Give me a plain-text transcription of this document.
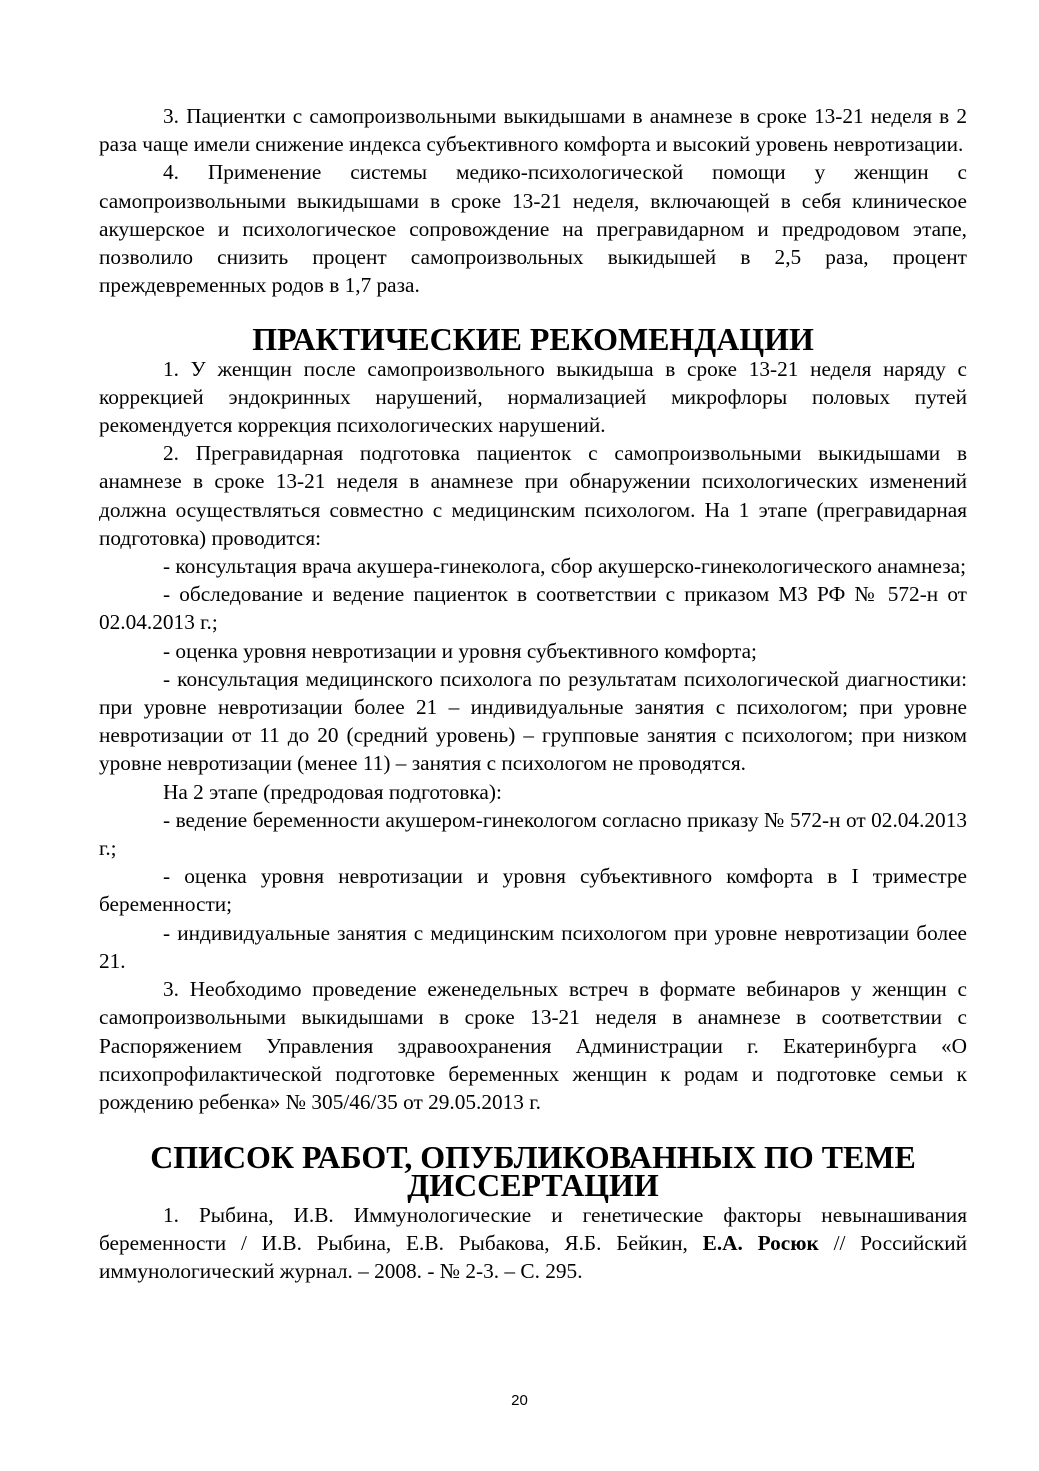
3. Пациентки с самопроизвольными выкидышами в анамнезе в сроке 13-21 неделя в 2 раза чаще имели снижение индекса субъективного комфорта и высокий уровень невротизации.

4. Применение системы медико-психологической помощи у женщин с самопроизвольными выкидышами в сроке 13-21 неделя, включающей в себя клиническое акушерское и психологическое сопровождение на прегравидарном и предродовом этапе, позволило снизить процент самопроизвольных выкидышей в 2,5 раза, процент преждевременных родов в 1,7 раза.

ПРАКТИЧЕСКИЕ РЕКОМЕНДАЦИИ

1. У женщин после самопроизвольного выкидыша в сроке 13-21 неделя наряду с коррекцией эндокринных нарушений, нормализацией микрофлоры половых путей рекомендуется коррекция психологических нарушений.

2. Прегравидарная подготовка пациенток с самопроизвольными выкидышами в анамнезе в сроке 13-21 неделя в анамнезе при обнаружении психологических изменений должна осуществляться совместно с медицинским психологом. На 1 этапе (прегравидарная подготовка) проводится:

- консультация врача акушера-гинеколога, сбор акушерско-гинекологического анамнеза;

- обследование и ведение пациенток в соответствии с приказом МЗ РФ № 572-н от 02.04.2013 г.;

- оценка уровня невротизации и уровня субъективного комфорта;

- консультация медицинского психолога по результатам психологической диагностики: при уровне невротизации более 21 – индивидуальные занятия с психологом; при уровне невротизации от 11 до 20 (средний уровень) – групповые занятия с психологом; при низком уровне невротизации (менее 11) – занятия с психологом не проводятся.

На 2 этапе (предродовая подготовка):

- ведение беременности акушером-гинекологом согласно приказу № 572-н от 02.04.2013 г.;

- оценка уровня невротизации и уровня субъективного комфорта в I триместре беременности;

- индивидуальные занятия с медицинским психологом при уровне невротизации более 21.

3. Необходимо проведение еженедельных встреч в формате вебинаров у женщин с самопроизвольными выкидышами в сроке 13-21 неделя в анамнезе в соответствии с Распоряжением Управления здравоохранения Администрации г. Екатеринбурга «О психопрофилактической подготовке беременных женщин к родам и подготовке семьи к рождению ребенка» № 305/46/35 от 29.05.2013 г.

СПИСОК РАБОТ, ОПУБЛИКОВАННЫХ ПО ТЕМЕ ДИССЕРТАЦИИ

1. Рыбина, И.В. Иммунологические и генетические факторы невынашивания беременности / И.В. Рыбина, Е.В. Рыбакова, Я.Б. Бейкин, Е.А. Росюк // Российский иммунологический журнал. – 2008. - № 2-3. – С. 295.

20
